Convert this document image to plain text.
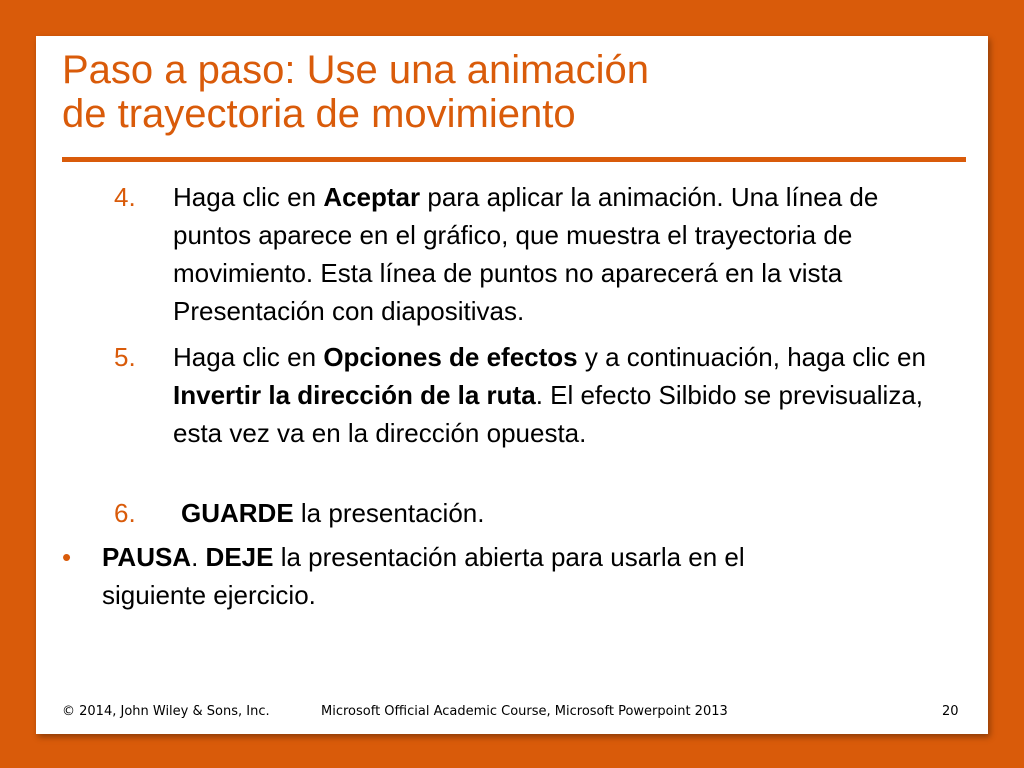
Paso a paso: Use una animación
de trayectoria de movimiento
4. Haga clic en Aceptar para aplicar la animación. Una línea de puntos aparece en el gráfico, que muestra el trayectoria de movimiento. Esta línea de puntos no aparecerá en la vista Presentación con diapositivas.
5. Haga clic en Opciones de efectos y a continuación, haga clic en Invertir la dirección de la ruta. El efecto Silbido se previsualiza, esta vez va en la dirección opuesta.
6. GUARDE la presentación.
• PAUSA. DEJE la presentación abierta para usarla en el siguiente ejercicio.
© 2014, John Wiley & Sons, Inc.	Microsoft Official Academic Course, Microsoft Powerpoint 2013	20
